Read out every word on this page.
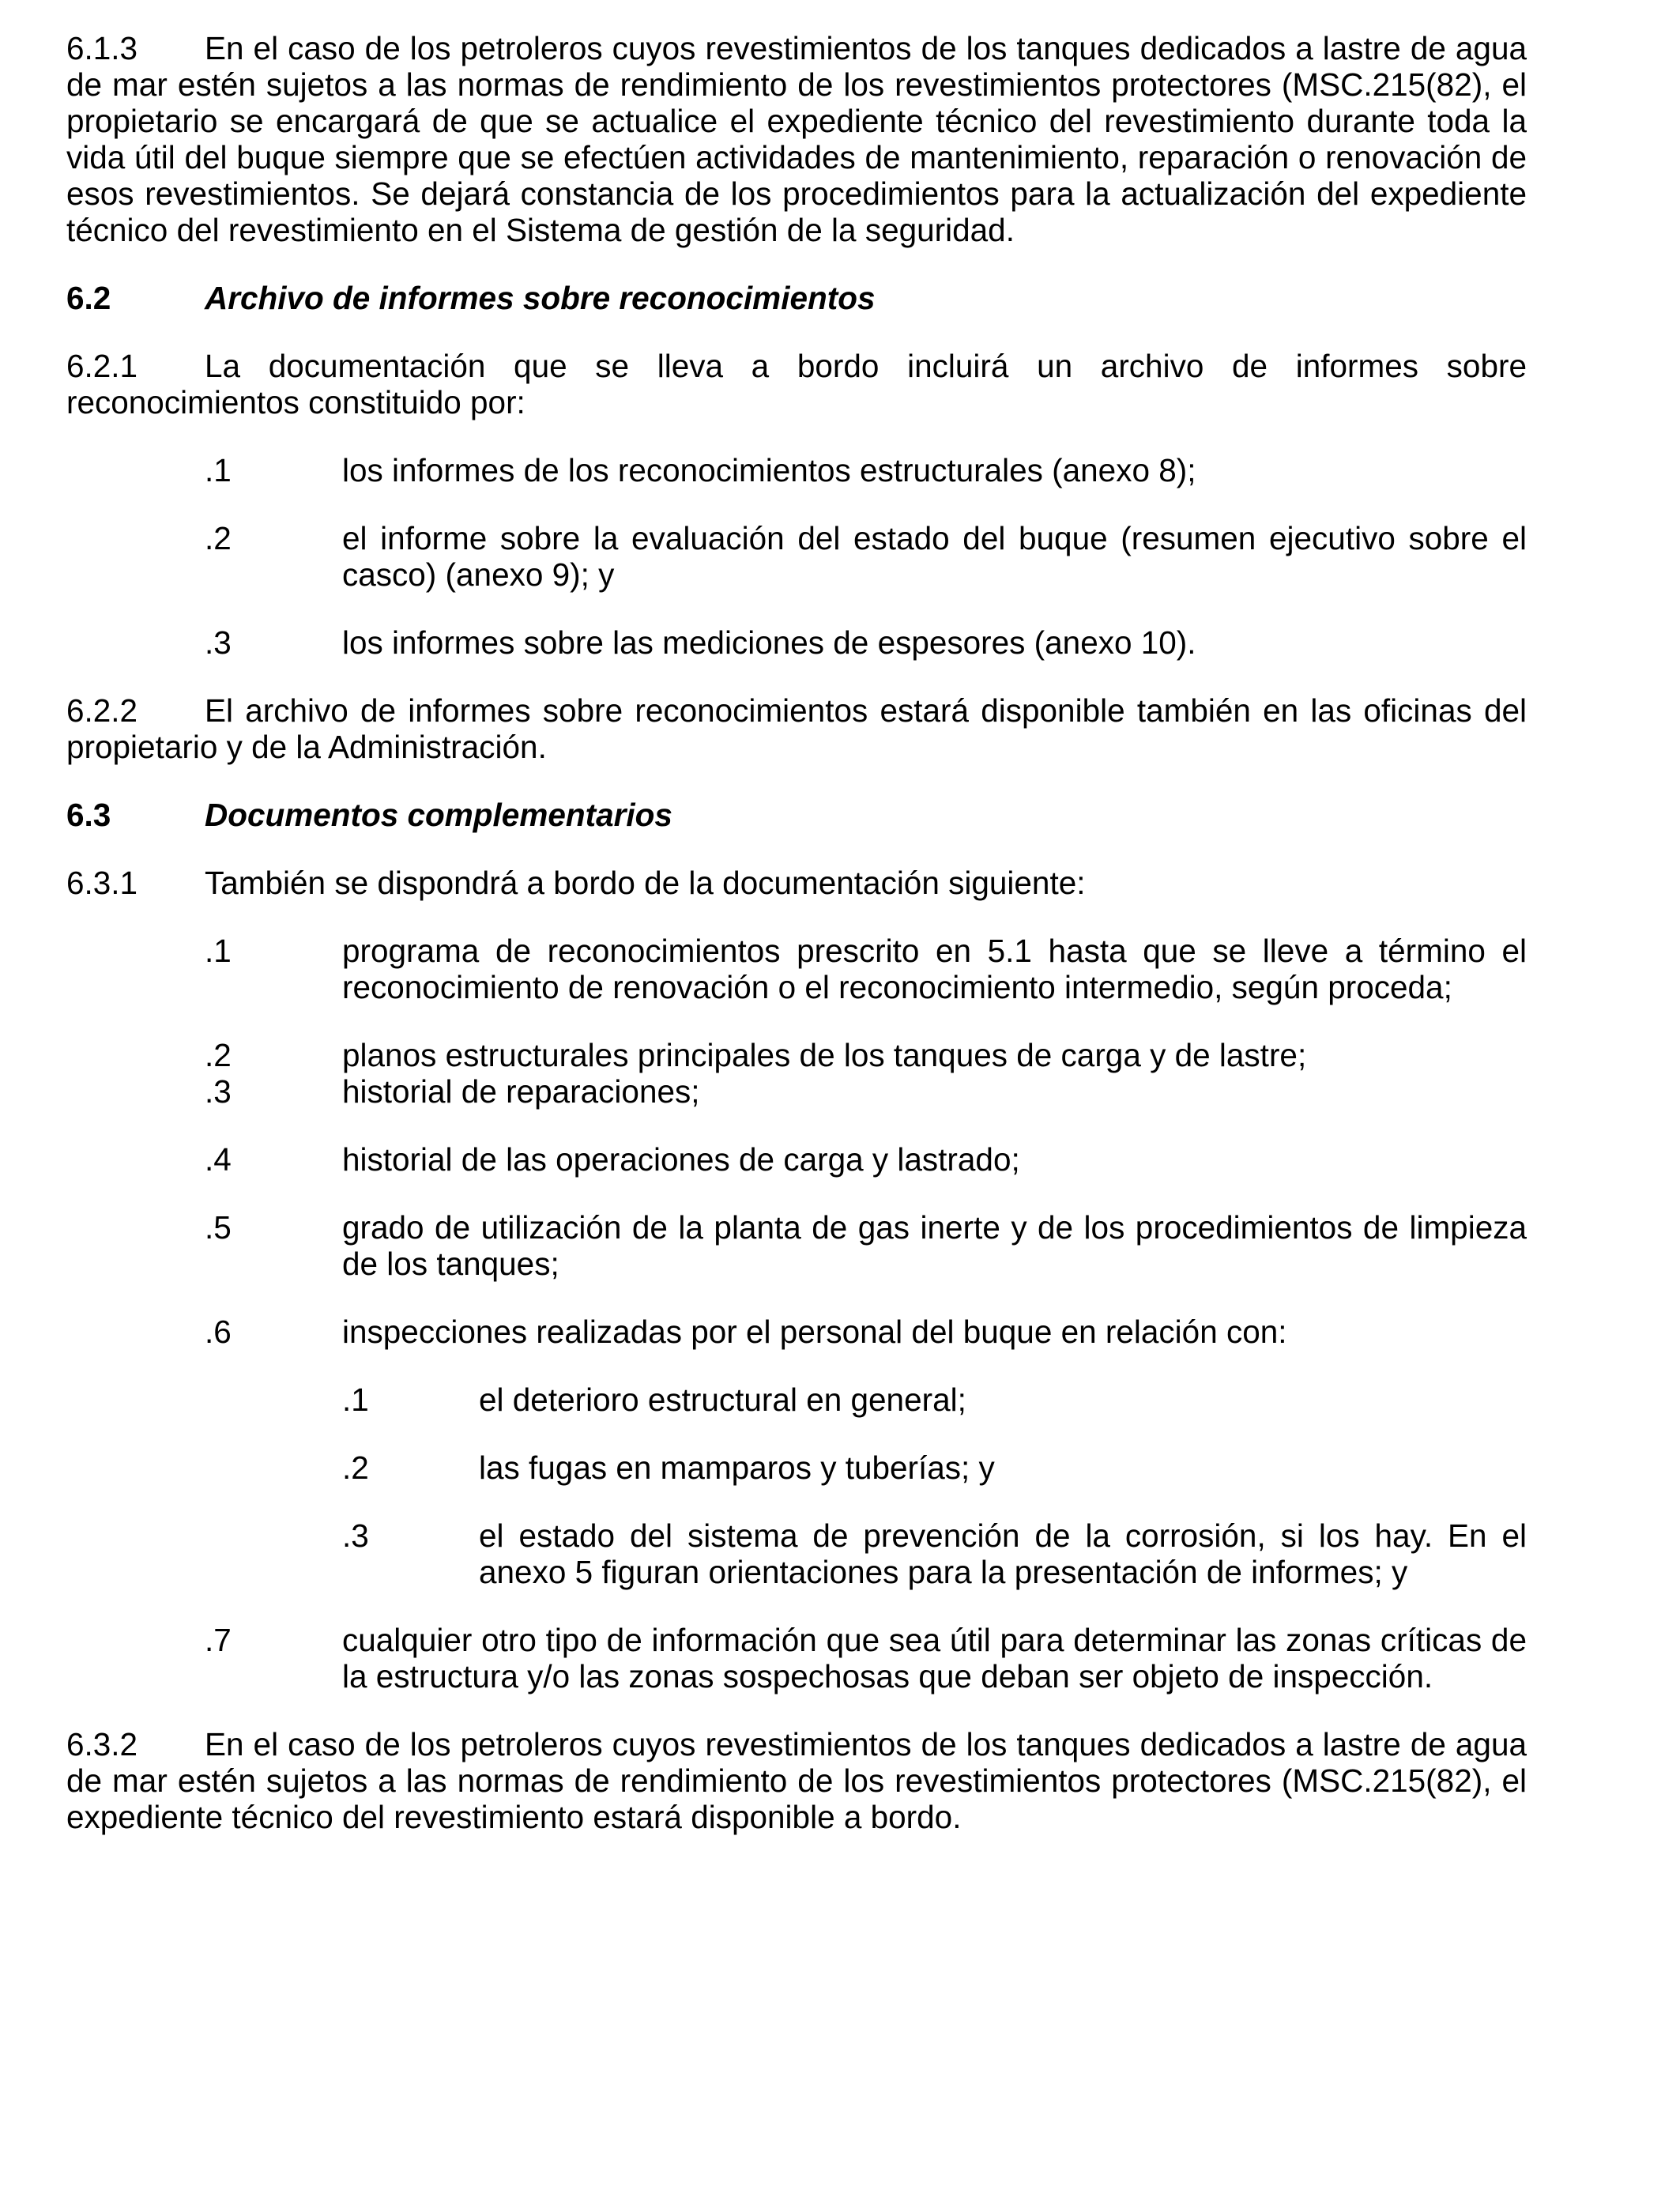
6.1.3 En el caso de los petroleros cuyos revestimientos de los tanques dedicados a lastre de agua de mar estén sujetos a las normas de rendimiento de los revestimientos protectores (MSC.215(82), el propietario se encargará de que se actualice el expediente técnico del revestimiento durante toda la vida útil del buque siempre que se efectúen actividades de mantenimiento, reparación o renovación de esos revestimientos. Se dejará constancia de los procedimientos para la actualización del expediente técnico del revestimiento en el Sistema de gestión de la seguridad.

6.2	Archivo de informes sobre reconocimientos

6.2.1 La documentación que se lleva a bordo incluirá un archivo de informes sobre reconocimientos constituido por:

.1	los informes de los reconocimientos estructurales (anexo 8);
.2	el informe sobre la evaluación del estado del buque (resumen ejecutivo sobre el casco) (anexo 9); y
.3	los informes sobre las mediciones de espesores (anexo 10).

6.2.2 El archivo de informes sobre reconocimientos estará disponible también en las oficinas del propietario y de la Administración.

6.3	Documentos complementarios
6.3.1	También se dispondrá a bordo de la documentación siguiente:
.1	programa de reconocimientos prescrito en 5.1 hasta que se lleve a término el reconocimiento de renovación o el reconocimiento intermedio, según proceda;
.2	planos estructurales principales de los tanques de carga y de lastre;
.3	historial de reparaciones;
.4	historial de las operaciones de carga y lastrado;
.5	grado de utilización de la planta de gas inerte y de los procedimientos de limpieza de los tanques;
.6	inspecciones realizadas por el personal del buque en relación con:
.1	el deterioro estructural en general;
.2	las fugas en mamparos y tuberías; y
.3	el estado del sistema de prevención de la corrosión, si los hay. En el anexo 5 figuran orientaciones para la presentación de informes; y
.7	cualquier otro tipo de información que sea útil para determinar las zonas críticas de la estructura y/o las zonas sospechosas que deban ser objeto de inspección.

6.3.2 En el caso de los petroleros cuyos revestimientos de los tanques dedicados a lastre de agua de mar estén sujetos a las normas de rendimiento de los revestimientos protectores (MSC.215(82), el expediente técnico del revestimiento estará disponible a bordo.
